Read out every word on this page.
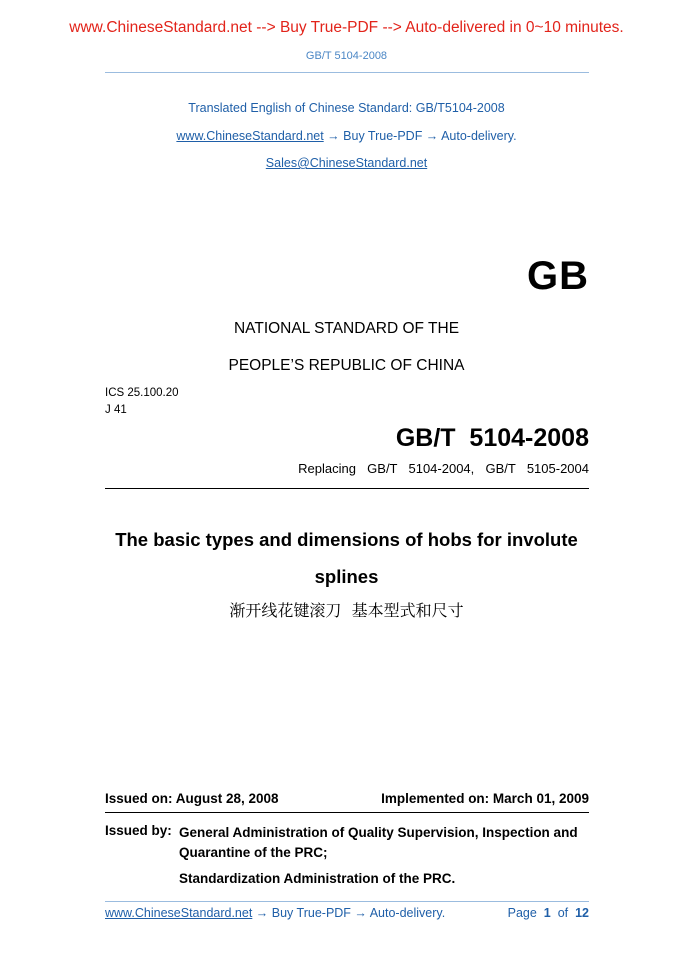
www.ChineseStandard.net --> Buy True-PDF --> Auto-delivered in 0~10 minutes.
GB/T 5104-2008
Translated English of Chinese Standard: GB/T5104-2008
www.ChineseStandard.net → Buy True-PDF → Auto-delivery.
Sales@ChineseStandard.net
GB
NATIONAL STANDARD OF THE
PEOPLE’S REPUBLIC OF CHINA
ICS 25.100.20
J 41
GB/T  5104-2008
Replacing  GB/T  5104-2004,  GB/T  5105-2004
The basic types and dimensions of hobs for involute
splines
渐开线花键滚刀  基本型式和尺寸
Issued on: August 28, 2008	Implemented on: March 01, 2009
Issued by: General Administration of Quality Supervision, Inspection and Quarantine of the PRC;
Standardization Administration of the PRC.
www.ChineseStandard.net → Buy True-PDF → Auto-delivery.	Page 1 of 12
